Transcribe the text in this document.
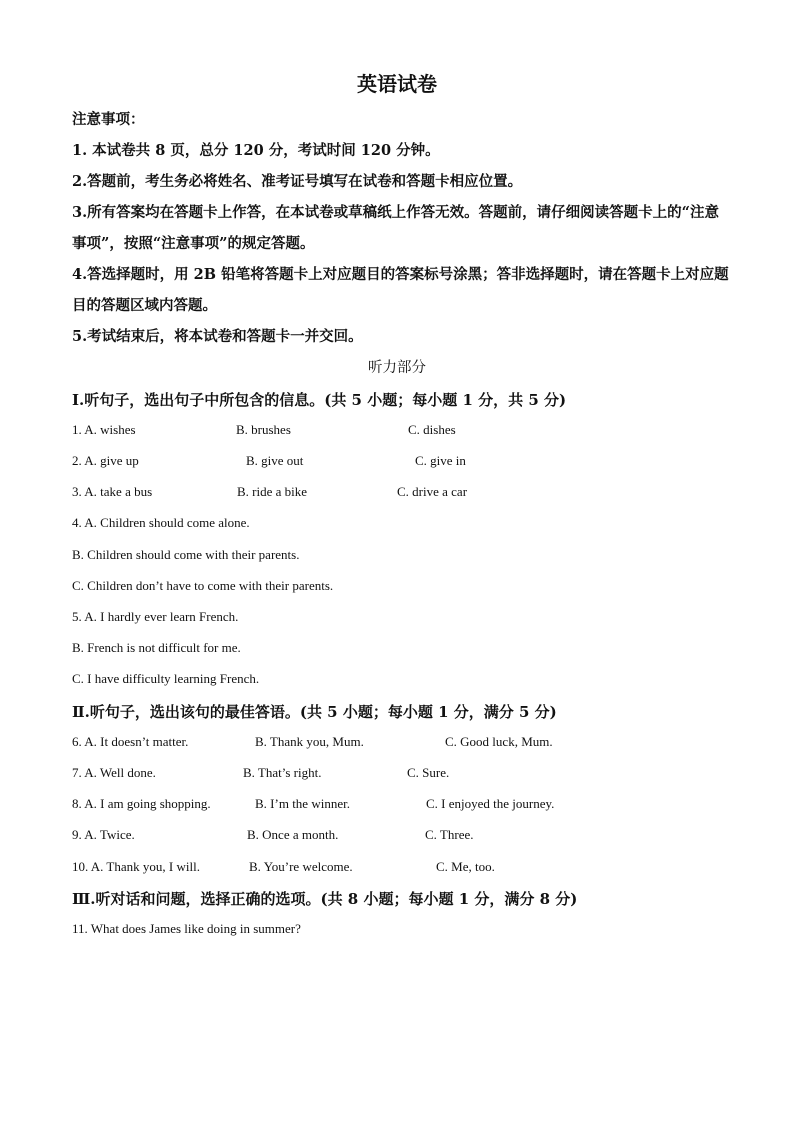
英语试卷
注意事项：
1. 本试卷共 8 页，总分 120 分，考试时间 120 分钟。
2.答题前，考生务必将姓名、准考证号填写在试卷和答题卡相应位置。
3.所有答案均在答题卡上作答，在本试卷或草稿纸上作答无效。答题前，请仔细阅读答题卡上的“注意事项”，按照“注意事项”的规定答题。
4.答选择题时，用 2B 铅笔将答题卡上对应题目的答案标号涂黑；答非选择题时，请在答题卡上对应题目的答题区域内答题。
5.考试结束后，将本试卷和答题卡一并交回。
听力部分
Ⅰ.听句子，选出句子中所包含的信息。(共 5 小题；每小题 1 分，共 5 分)
1. A. wishes	B. brushes	C. dishes
2. A. give up	B. give out	C. give in
3. A. take a bus	B. ride a bike	C. drive a car
4. A. Children should come alone.
B. Children should come with their parents.
C. Children don’t have to come with their parents.
5. A. I hardly ever learn French.
B. French is not difficult for me.
C. I have difficulty learning French.
Ⅱ.听句子，选出该句的最佳答语。(共 5 小题；每小题 1 分，满分 5 分)
6. A. It doesn’t matter.	B. Thank you, Mum.	C. Good luck, Mum.
7. A. Well done.	B. That’s right.	C. Sure.
8. A. I am going shopping.	B. I’m the winner.	C. I enjoyed the journey.
9. A. Twice.	B. Once a month.	C. Three.
10. A. Thank you, I will.	B. You’re welcome.	C. Me, too.
Ⅲ.听对话和问题，选择正确的选项。(共 8 小题；每小题 1 分，满分 8 分)
11. What does James like doing in summer?
